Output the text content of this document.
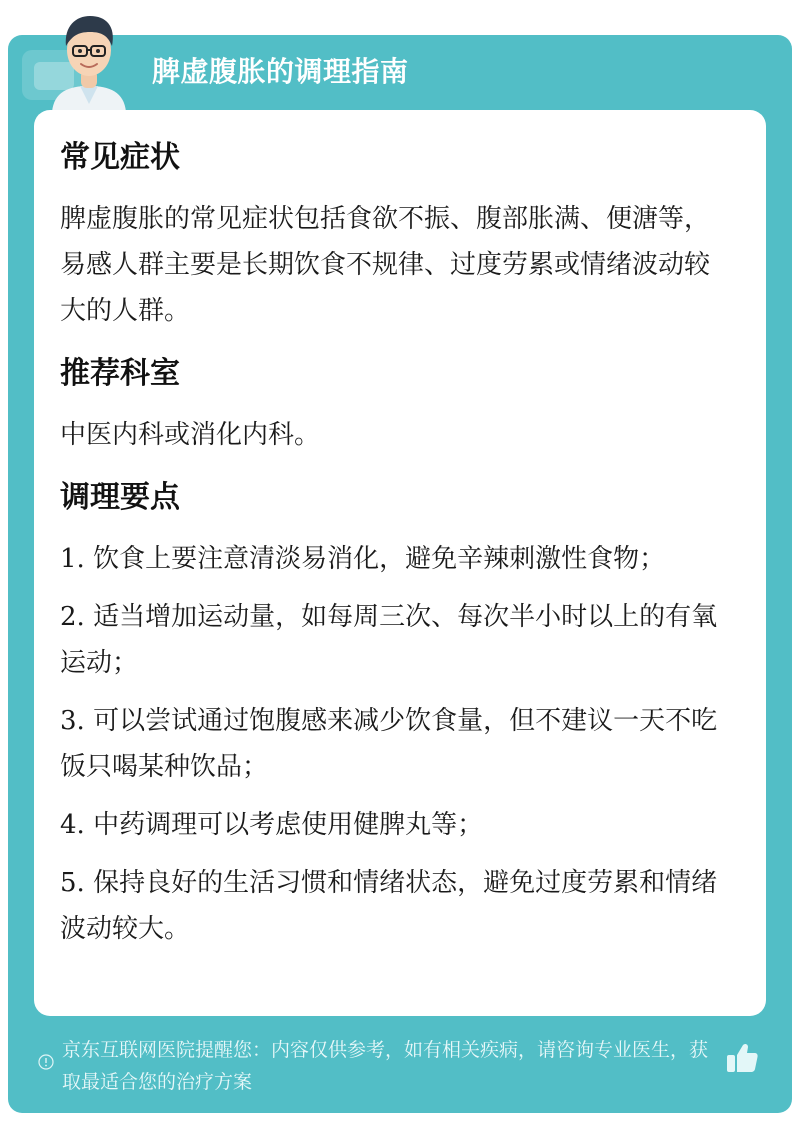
脾虚腹胀的调理指南
常见症状

脾虚腹胀的常见症状包括食欲不振、腹部胀满、便溏等，易感人群主要是长期饮食不规律、过度劳累或情绪波动较大的人群。

推荐科室

中医内科或消化内科。

调理要点
1. 饮食上要注意清淡易消化，避免辛辣刺激性食物；
2. 适当增加运动量，如每周三次、每次半小时以上的有氧运动；
3. 可以尝试通过饱腹感来减少饮食量，但不建议一天不吃饭只喝某种饮品；
4. 中药调理可以考虑使用健脾丸等；
5. 保持良好的生活习惯和情绪状态，避免过度劳累和情绪波动较大。

京东互联网医院提醒您：内容仅供参考，如有相关疾病，请咨询专业医生，获取最适合您的治疗方案
